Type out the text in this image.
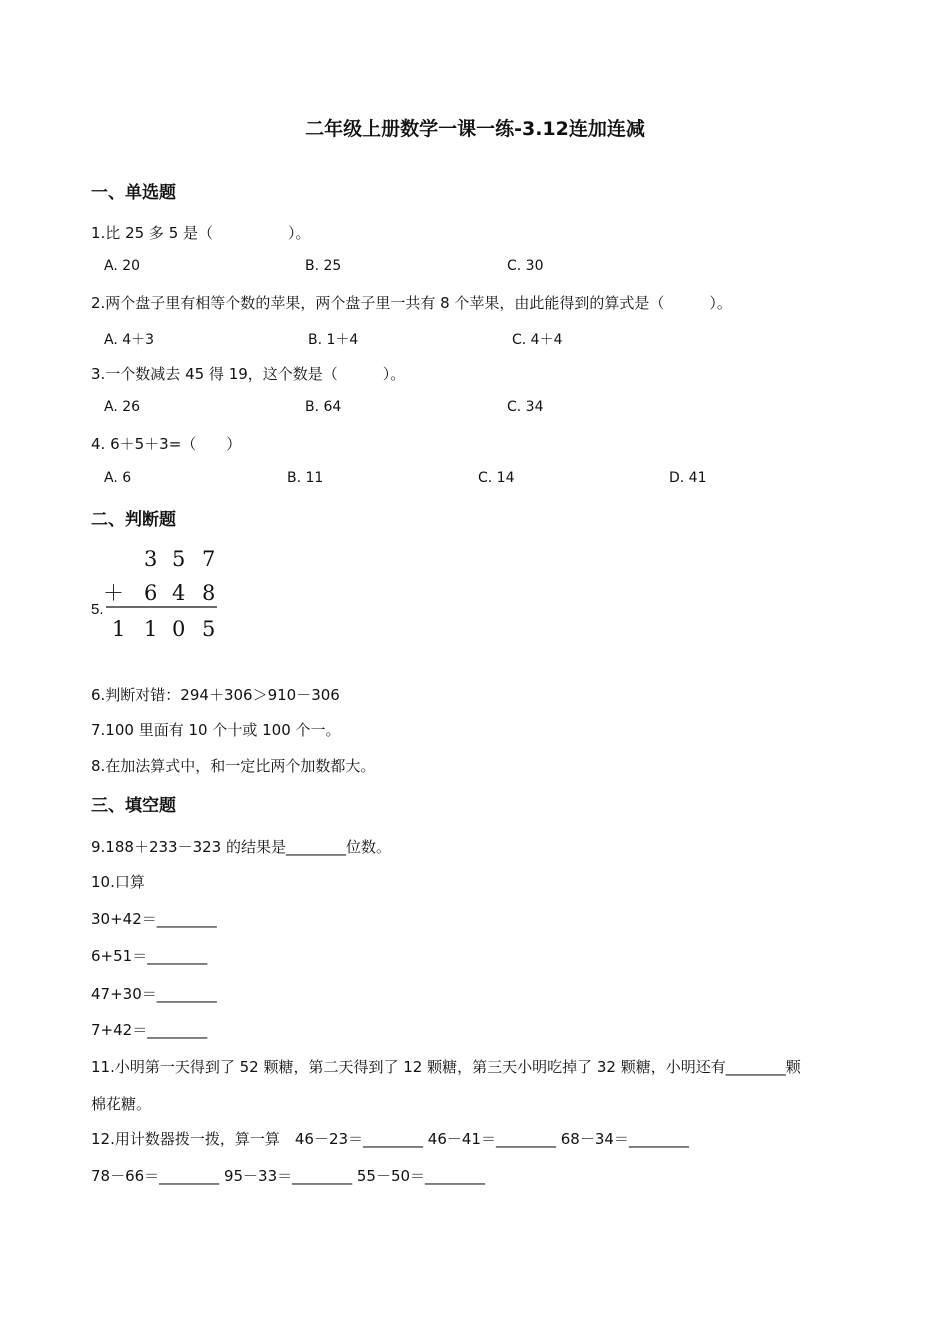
二年级上册数学一课一练-3.12连加连减
一、单选题
1.比 25 多 5 是（　　　　　）。
A. 20	B. 25	C. 30
2.两个盘子里有相等个数的苹果，两个盘子里一共有 8 个苹果，由此能得到的算式是（　　　）。
A. 4＋3	B. 1＋4	C. 4＋4
3.一个数减去 45 得 19，这个数是（　　　）。
A. 26	B. 64	C. 34
4. 6＋5＋3=（　　）
A. 6	B. 11	C. 14	D. 41
二、判断题
5.
3 5 7
＋ 6 4 8
1 1 0 5
6.判断对错：294＋306＞910－306
7.100 里面有 10 个十或 100 个一。
8.在加法算式中，和一定比两个加数都大。
三、填空题
9.188＋233－323 的结果是________位数。
10.口算
30+42＝________
6+51＝________
47+30＝________
7+42＝________
11.小明第一天得到了 52 颗糖，第二天得到了 12 颗糖，第三天小明吃掉了 32 颗糖，小明还有________颗
棉花糖。
12.用计数器拨一拨，算一算　46－23＝________ 46－41＝________ 68－34＝________
78－66＝________ 95－33＝________ 55－50＝________
